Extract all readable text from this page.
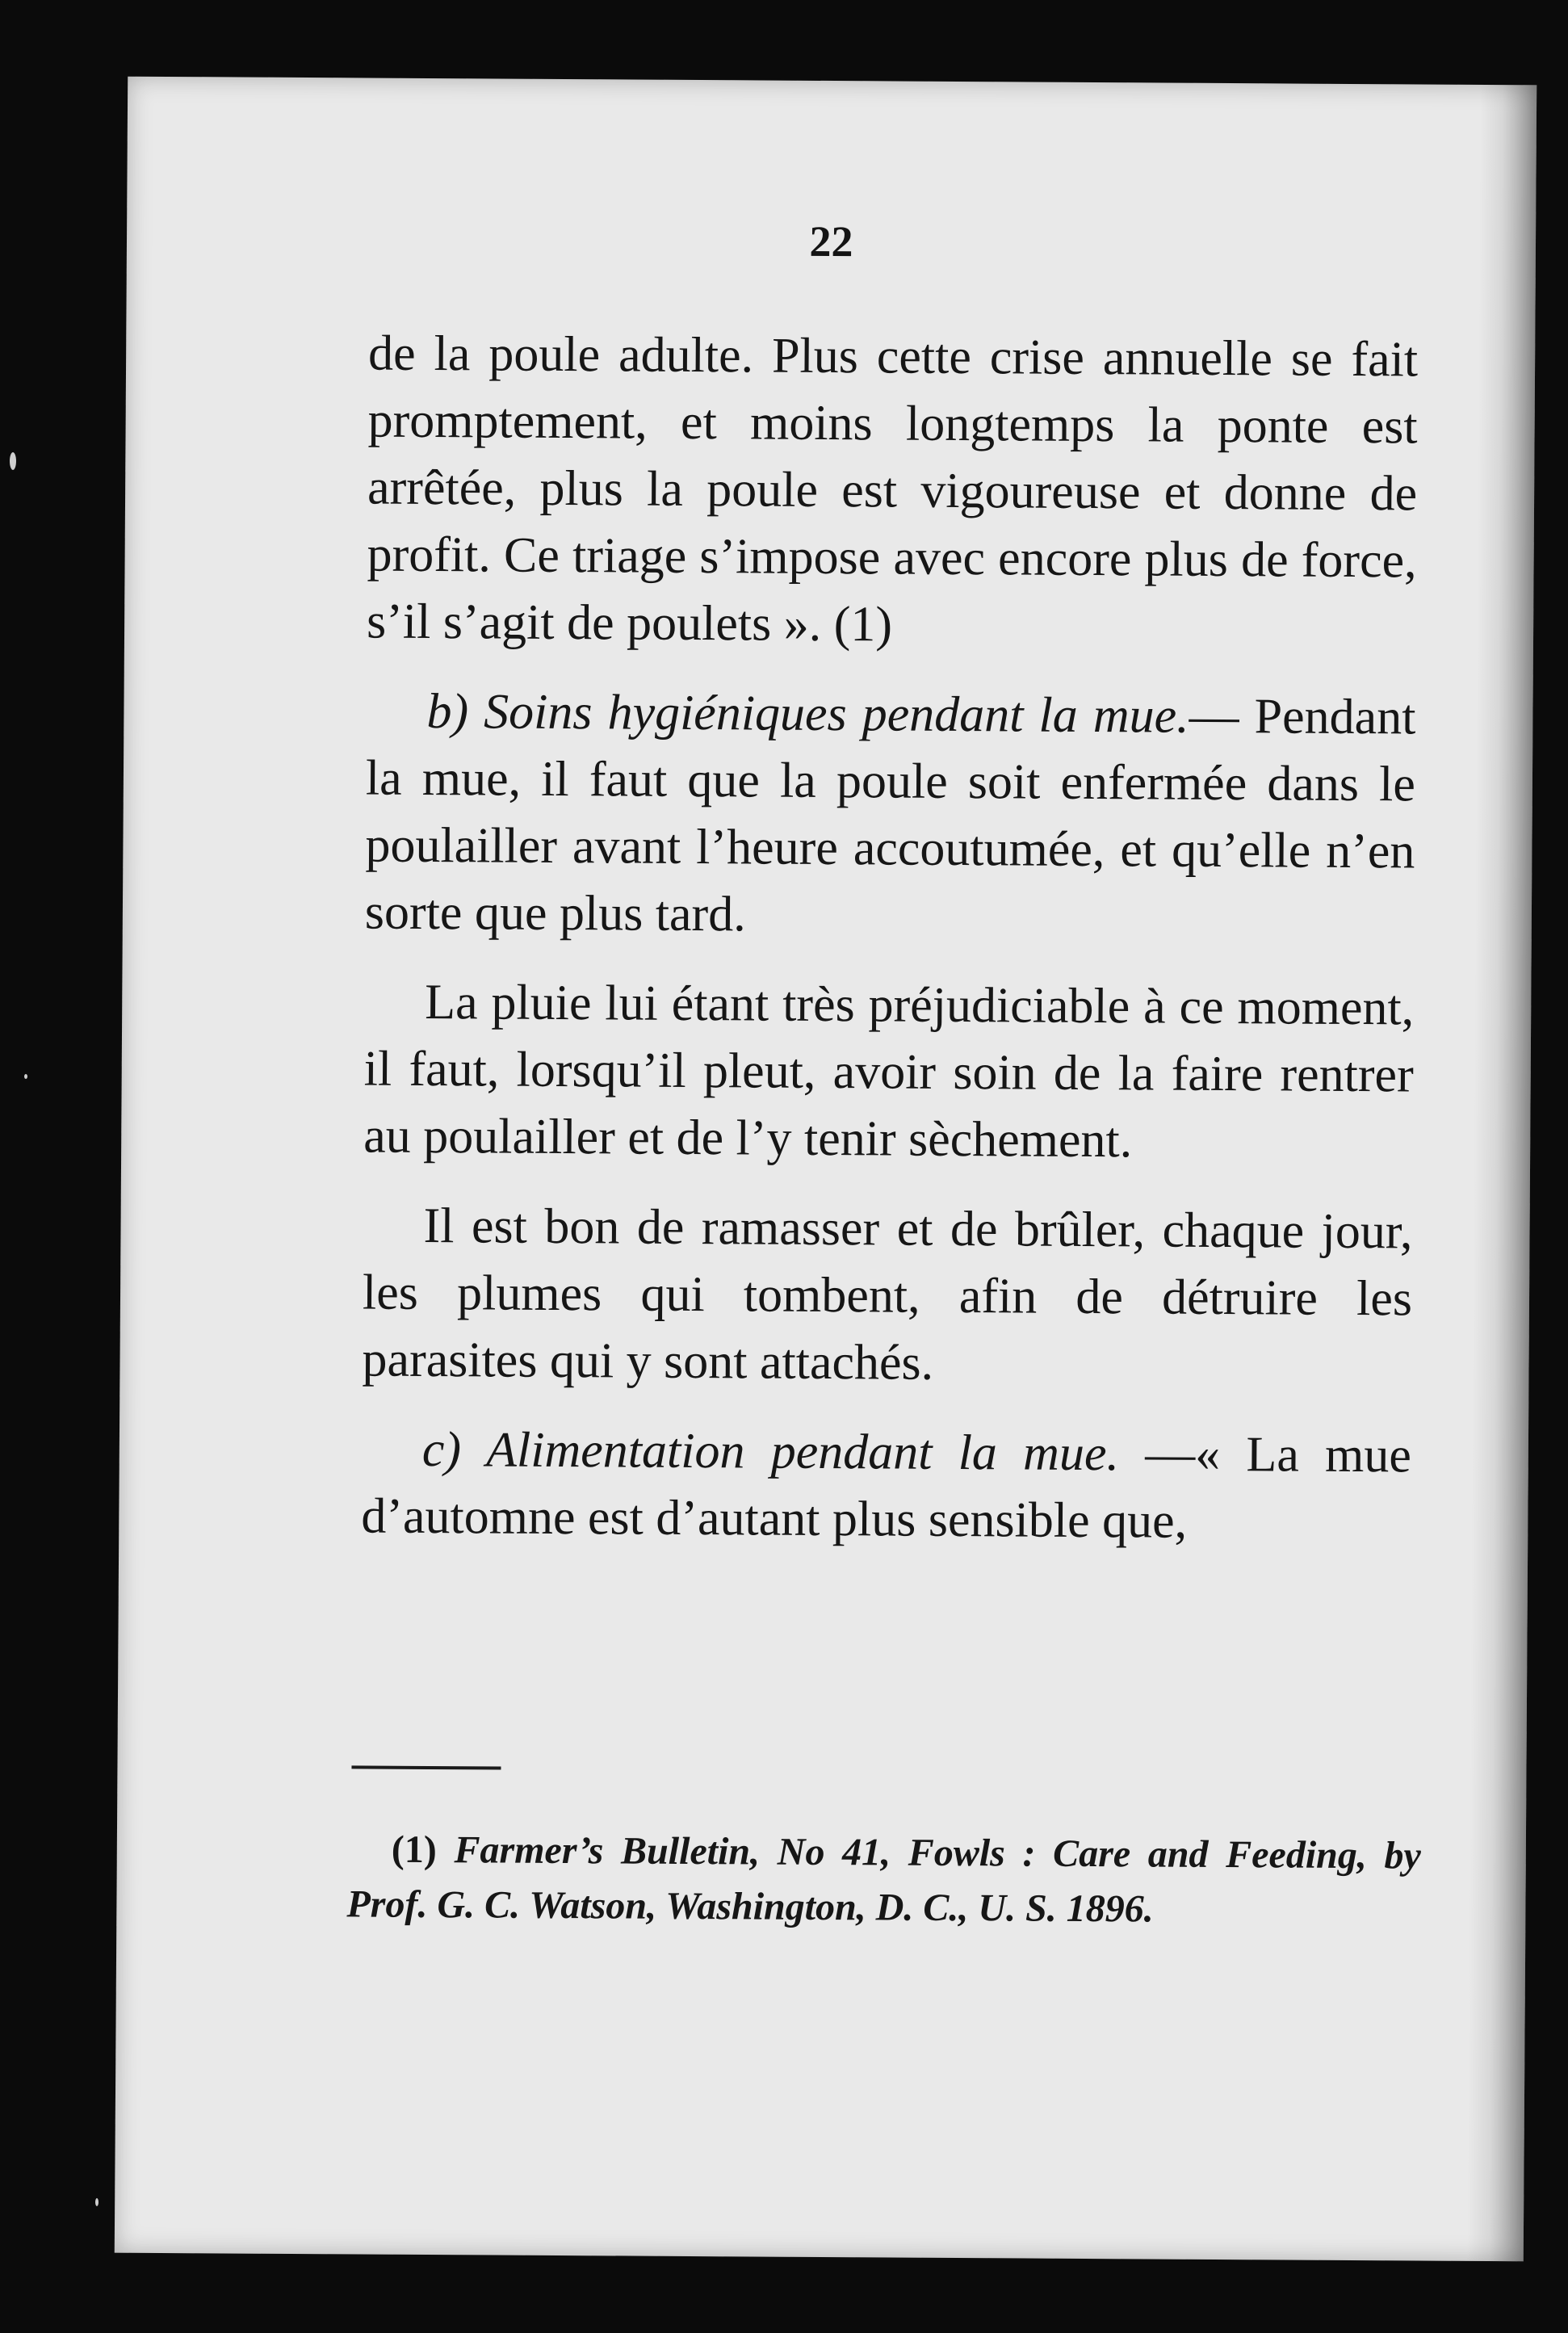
22

de la poule adulte. Plus cette crise annuelle se fait promptement, et moins longtemps la ponte est arrêtée, plus la poule est vigoureuse et donne de profit. Ce triage s’impose avec encore plus de force, s’il s’agit de poulets ». (1)

b) Soins hygiéniques pendant la mue.— Pendant la mue, il faut que la poule soit enfermée dans le poulailler avant l’heure accoutumée, et qu’elle n’en sorte que plus tard.

La pluie lui étant très préjudiciable à ce moment, il faut, lorsqu’il pleut, avoir soin de la faire rentrer au poulailler et de l’y tenir sèchement.

Il est bon de ramasser et de brûler, chaque jour, les plumes qui tombent, afin de détruire les parasites qui y sont attachés.

c) Alimentation pendant la mue. —« La mue d’automne est d’autant plus sensible que,

(1) Farmer’s Bulletin, No 41, Fowls : Care and Feeding, by Prof. G. C. Watson, Washington, D. C., U. S. 1896.
